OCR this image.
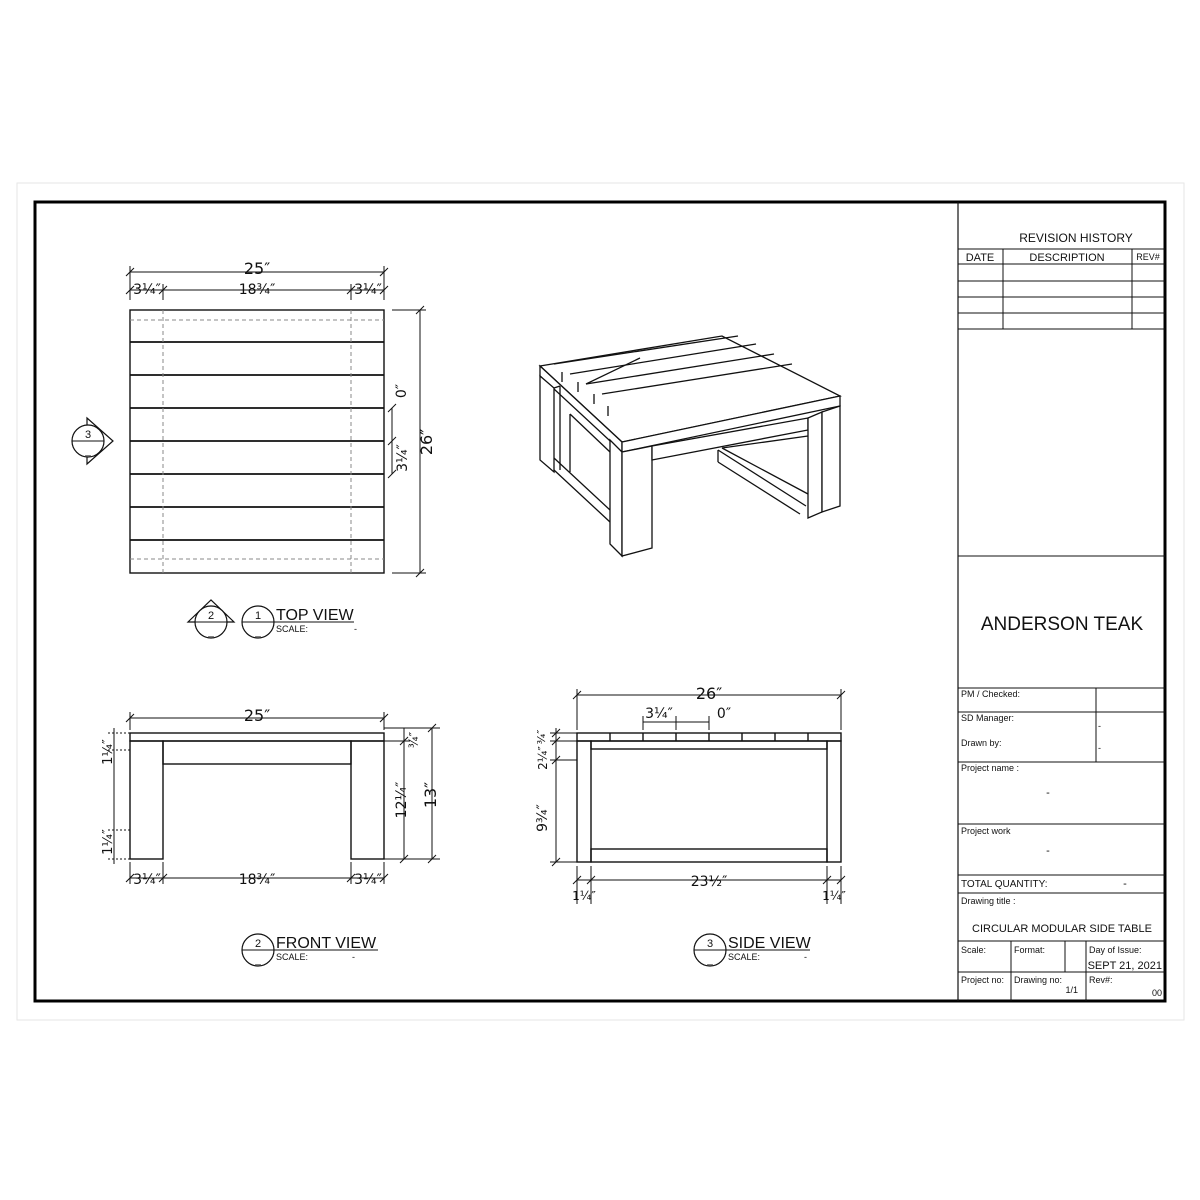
25″
3¼″	18¾″	3¼″
26″
0″
3¼″
3
_
2
_
1
_
TOP VIEW
SCALE:	-
25″
3¼″	18¾″	3¼″
1¼″
1¼″
¾″
12¼″ 13″
2
_
FRONT VIEW
SCALE:	-
26″
3¼″	0″
23½″
1¼″	1¼″
¾″
2¼″
9¾″
3
_
SIDE VIEW
SCALE:	-
REVISION HISTORY
DATE	DESCRIPTION	REV#
ANDERSON TEAK
PM / Checked:
SD Manager:
-
Drawn by:	-
Project name :
-
Project work
-
TOTAL QUANTITY:	-
Drawing title :
CIRCULAR MODULAR SIDE TABLE
Scale:	Format:	Day of Issue:
SEPT 21, 2021
Project no: Drawing no:
1/1
Rev#:
00
